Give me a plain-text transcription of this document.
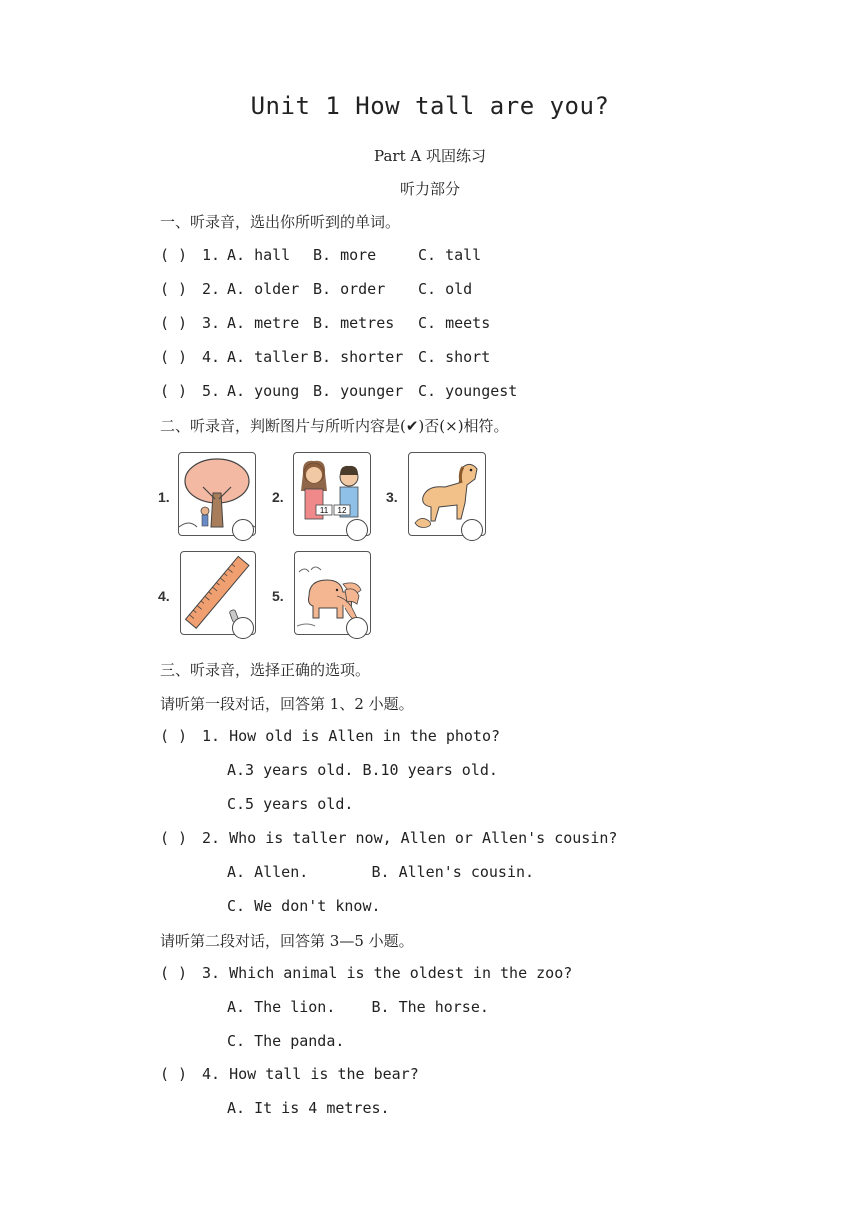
Unit 1 How tall are you?
Part A 巩固练习
听力部分
一、听录音，选出你所听到的单词。
( ) 1. A. hall B. more	C. tall
( ) 2. A. older B. order C. old
( ) 3. A. metre B. metres C. meets
( ) 4. A. taller B. shorter C. short
( ) 5. A. young B. younger C. youngest
二、听录音，判断图片与所听内容是(✔)否(×)相符。
1.	2.
11 12
3.
4.	5.
三、听录音，选择正确的选项。
请听第一段对话，回答第 1、2 小题。
( ) 1. How old is Allen in the photo?
A.3 years old. B.10 years old.
C.5 years old.
( ) 2. Who is taller now, Allen or Allen's cousin?
A. Allen.       B. Allen's cousin.
C. We don't know.
请听第二段对话，回答第 3—5 小题。
( ) 3. Which animal is the oldest in the zoo?
A. The lion.    B. The horse.
C. The panda.
( ) 4. How tall is the bear?
A. It is 4 metres.
